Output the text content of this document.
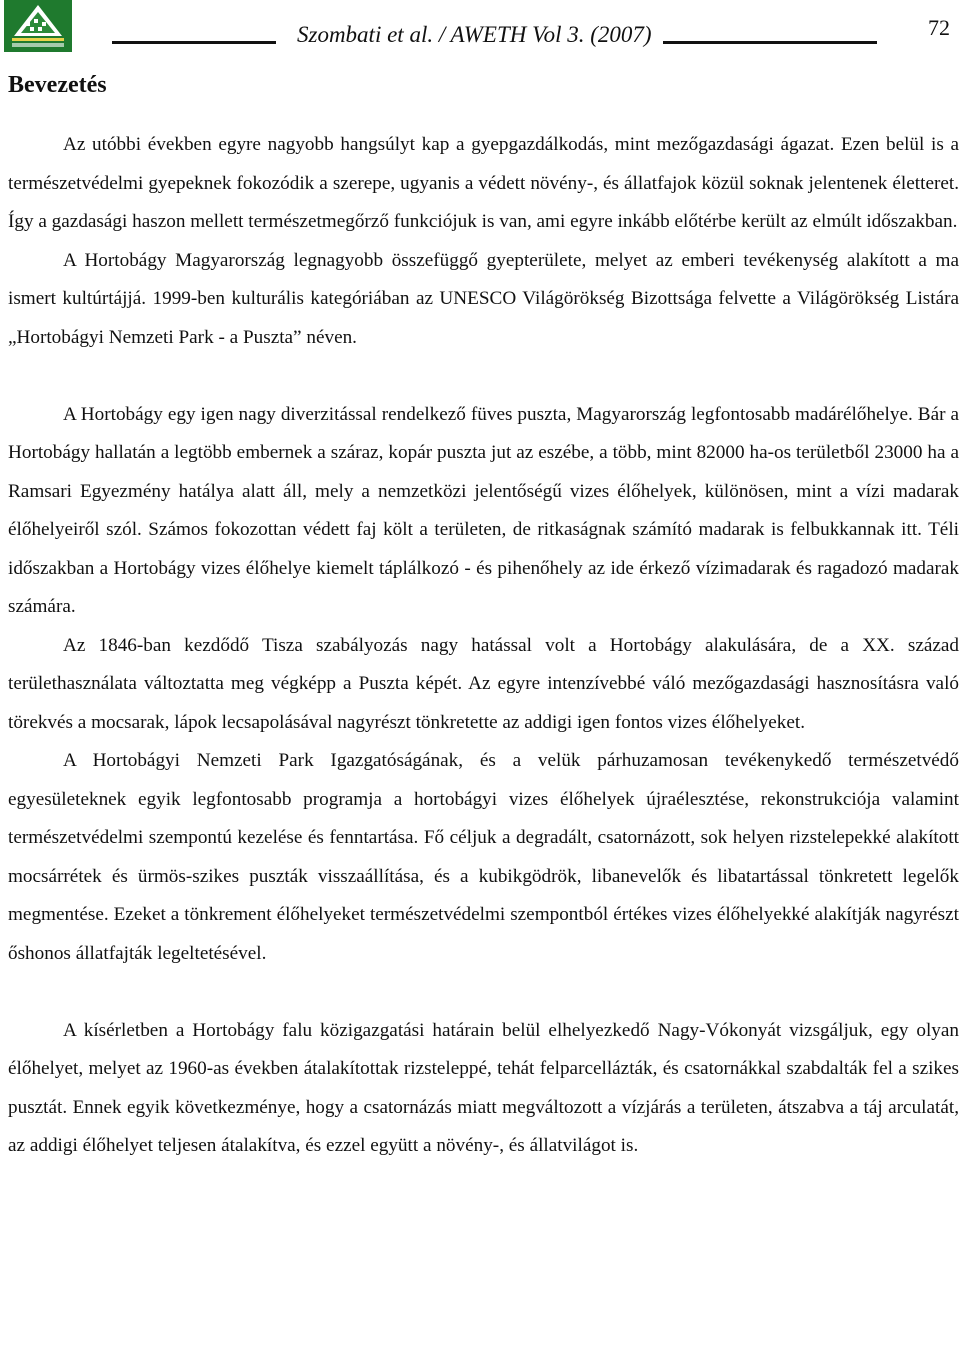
Szombati et al. / AWETH Vol 3. (2007)	72
Bevezetés

Az utóbbi években egyre nagyobb hangsúlyt kap a gyepgazdálkodás, mint mezőgazdasági ágazat. Ezen belül is a természetvédelmi gyepeknek fokozódik a szerepe, ugyanis a védett növény-, és állatfajok közül soknak jelentenek életteret. Így a gazdasági haszon mellett természetmegőrző funkciójuk is van, ami egyre inkább előtérbe került az elmúlt időszakban.

A Hortobágy Magyarország legnagyobb összefüggő gyepterülete, melyet az emberi tevékenység alakított a ma ismert kultúrtájjá. 1999-ben kulturális kategóriában az UNESCO Világörökség Bizottsága felvette a Világörökség Listára „Hortobágyi Nemzeti Park - a Puszta” néven.

A Hortobágy egy igen nagy diverzitással rendelkező füves puszta, Magyarország legfontosabb madárélőhelye. Bár a Hortobágy hallatán a legtöbb embernek a száraz, kopár puszta jut az eszébe, a több, mint 82000 ha-os területből 23000 ha a Ramsari Egyezmény hatálya alatt áll, mely a nemzetközi jelentőségű vizes élőhelyek, különösen, mint a vízi madarak élőhelyeiről szól. Számos fokozottan védett faj költ a területen, de ritkaságnak számító madarak is felbukkannak itt. Téli időszakban a Hortobágy vizes élőhelye kiemelt táplálkozó - és pihenőhely az ide érkező vízimadarak és ragadozó madarak számára.

Az 1846-ban kezdődő Tisza szabályozás nagy hatással volt a Hortobágy alakulására, de a XX. század területhasználata változtatta meg végképp a Puszta képét. Az egyre intenzívebbé váló mezőgazdasági hasznosításra való törekvés a mocsarak, lápok lecsapolásával nagyrészt tönkretette az addigi igen fontos vizes élőhelyeket.

A Hortobágyi Nemzeti Park Igazgatóságának, és a velük párhuzamosan tevékenykedő természetvédő egyesületeknek egyik legfontosabb programja a hortobágyi vizes élőhelyek újraélesztése, rekonstrukciója valamint természetvédelmi szempontú kezelése és fenntartása. Fő céljuk a degradált, csatornázott, sok helyen rizstelepekké alakított mocsárrétek és ürmös-szikes puszták visszaállítása, és a kubikgödrök, libanevelők és libatartással tönkretett legelők megmentése. Ezeket a tönkrement élőhelyeket természetvédelmi szempontból értékes vizes élőhelyekké alakítják nagyrészt őshonos állatfajták legeltetésével.

A kísérletben a Hortobágy falu közigazgatási határain belül elhelyezkedő Nagy-Vókonyát vizsgáljuk, egy olyan élőhelyet, melyet az 1960-as években átalakítottak rizsteleppé, tehát felparcellázták, és csatornákkal szabdalták fel a szikes pusztát. Ennek egyik következménye, hogy a csatornázás miatt megváltozott a vízjárás a területen, átszabva a táj arculatát, az addigi élőhelyet teljesen átalakítva, és ezzel együtt a növény-, és állatvilágot is.
